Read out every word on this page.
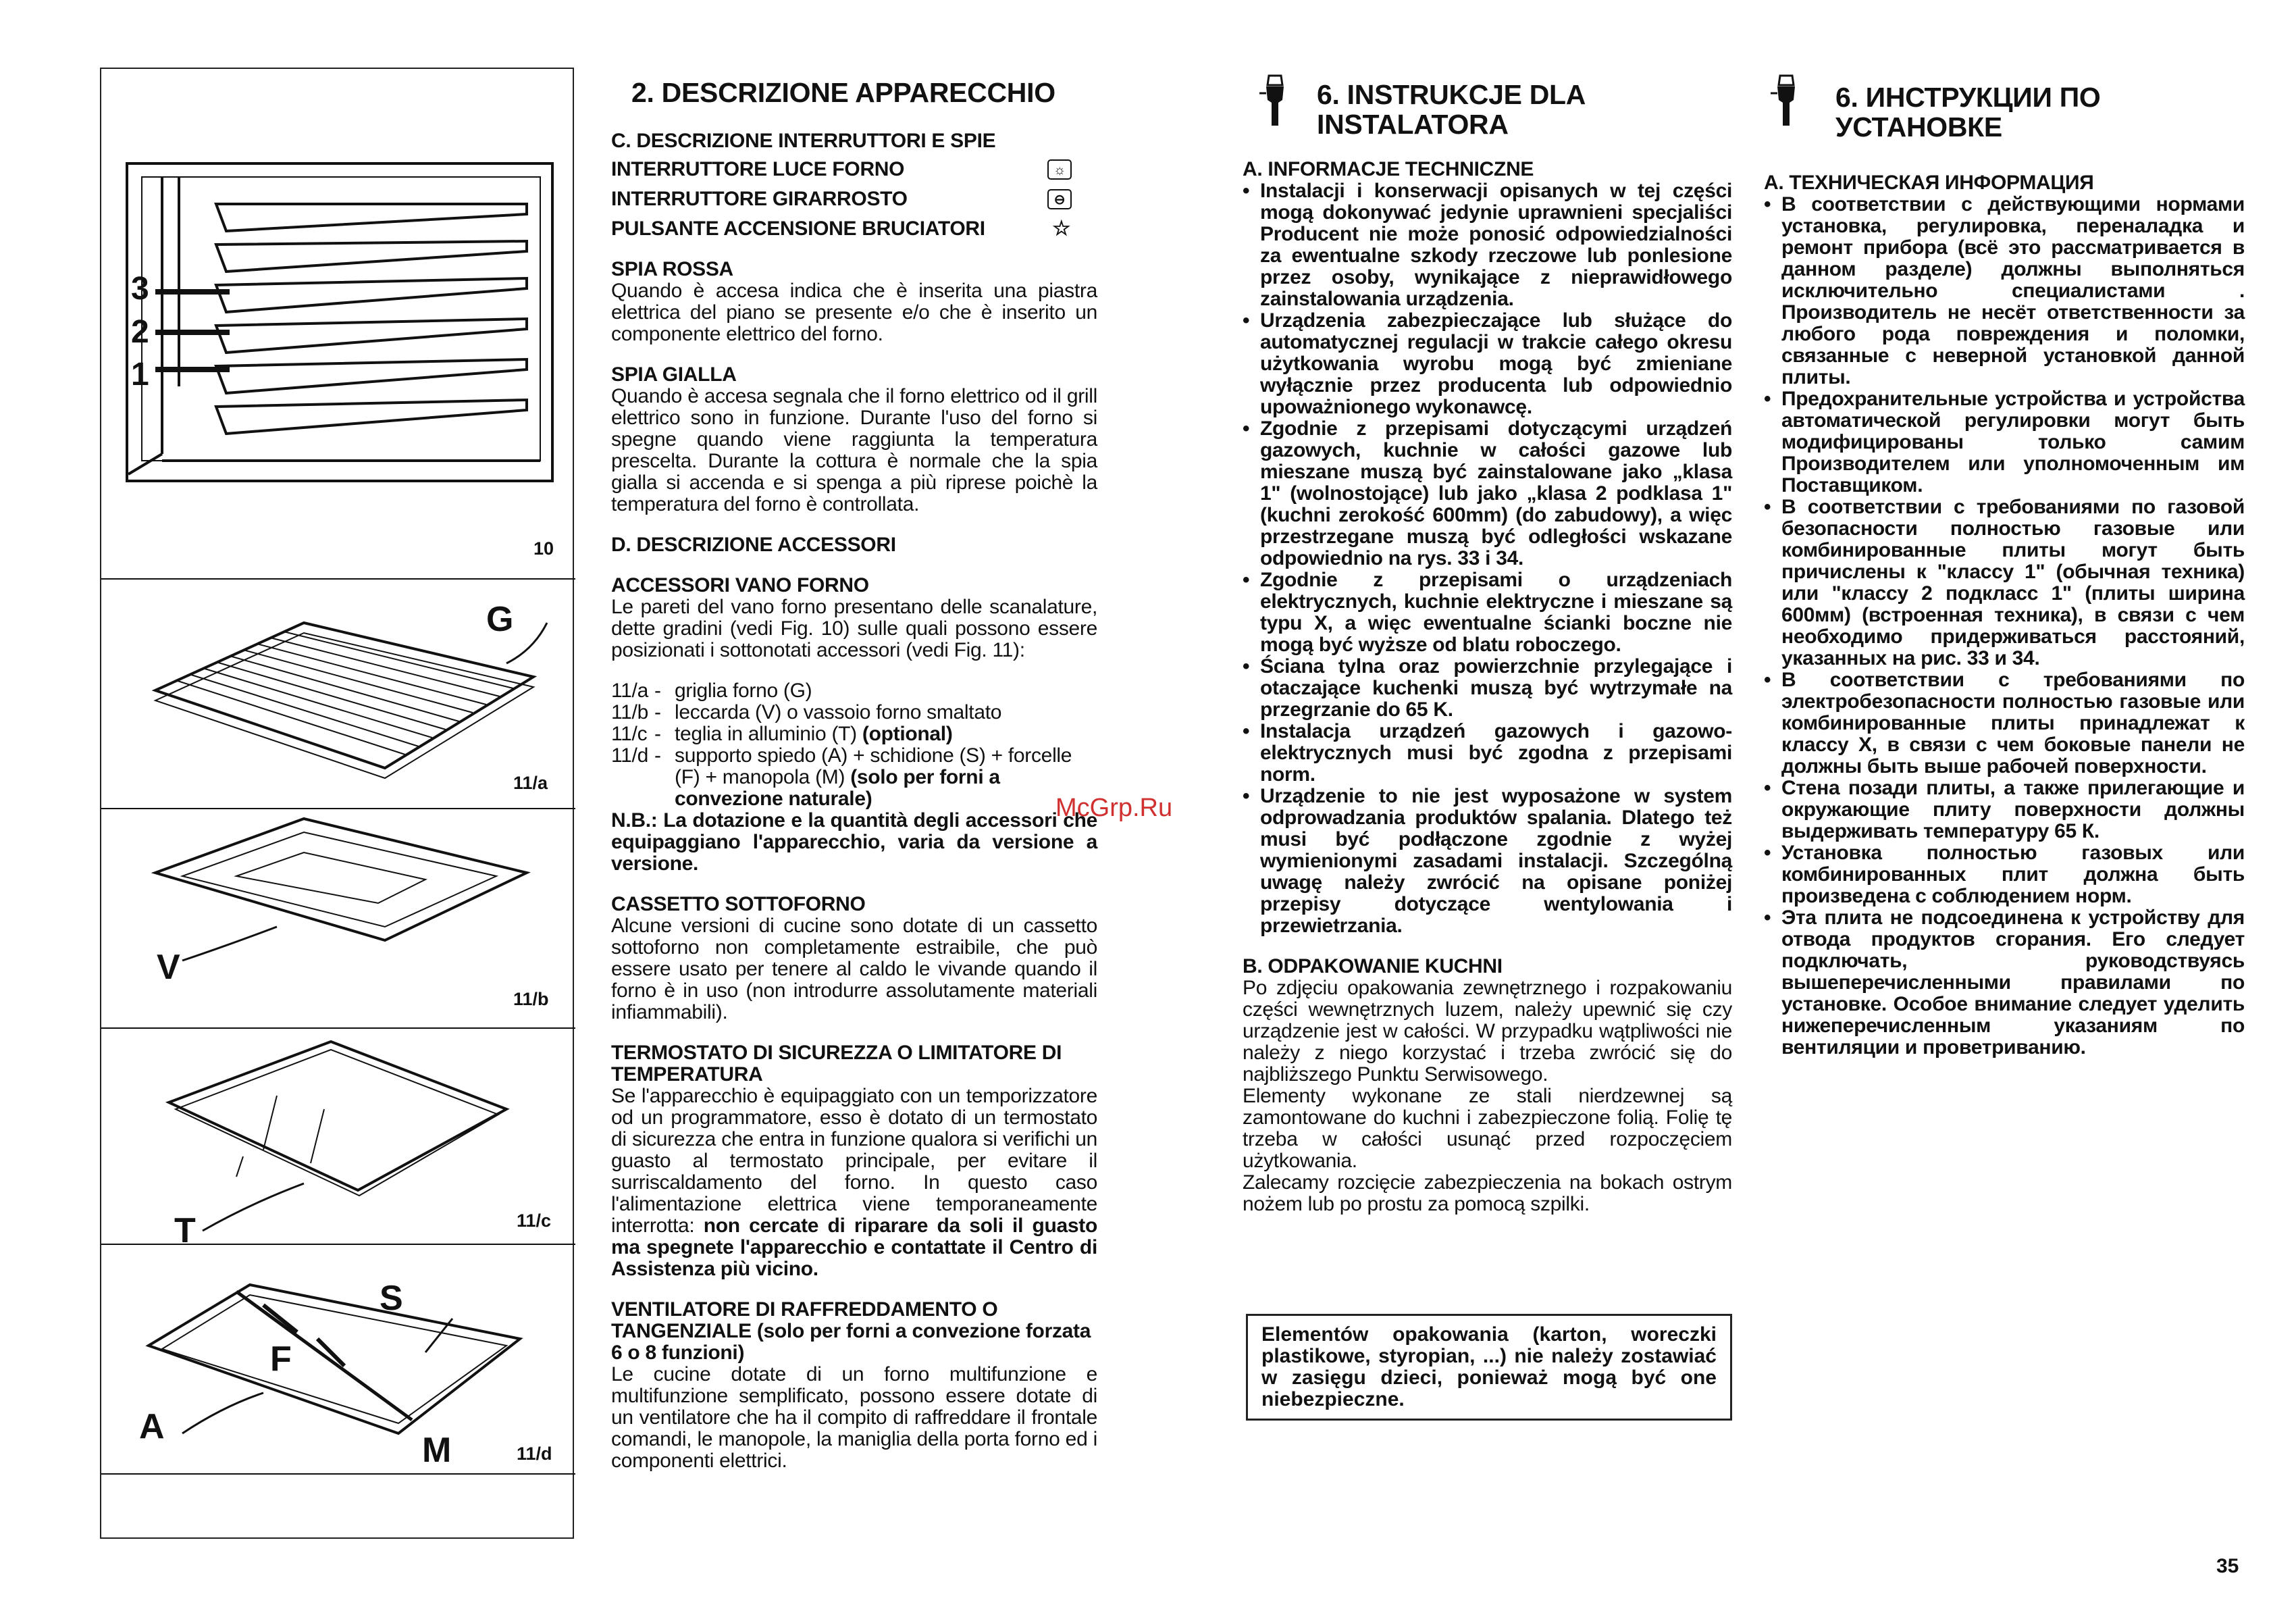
3
2
1
10
G
11/a
V
11/b
T	11/c
S
F
A
M	11/d
2. DESCRIZIONE APPARECCHIO
C. DESCRIZIONE INTERRUTTORI E SPIE
INTERRUTTORE LUCE FORNO	☼
INTERRUTTORE GIRARROSTO	⊖
PULSANTE ACCENSIONE BRUCIATORI	☆
SPIA ROSSA

Quando è accesa indica che è inserita una piastra elettrica del piano se presente e/o che è inserito un componente elettrico del forno.

SPIA GIALLA

Quando è accesa segnala che il forno elettrico od il grill elettrico sono in funzione. Durante l'uso del forno si spegne quando viene raggiunta la temperatura prescelta. Durante la cottura è normale che la spia gialla si accenda e si spenga a più riprese poichè la temperatura del forno è controllata.

D. DESCRIZIONE ACCESSORI
ACCESSORI VANO FORNO

Le pareti del vano forno presentano delle scanalature, dette gradini (vedi Fig. 10) sulle quali possono essere posizionati i sottonotati accessori (vedi Fig. 11):

11/a - griglia forno (G)
11/b - leccarda (V) o vassoio forno smaltato
11/c - teglia in alluminio (T) (optional)
11/d - supporto spiedo (A) + schidione (S) + forcelle (F) + manopola (M) (solo per forni a convezione naturale)

N.B.: La dotazione e la quantità degli accessori che equipaggiano l'apparecchio, varia da versione a versione.

CASSETTO SOTTOFORNO

Alcune versioni di cucine sono dotate di un cassetto sottoforno non completamente estraibile, che può essere usato per tenere al caldo le vivande quando il forno è in uso (non introdurre assolutamente materiali infiammabili).

TERMOSTATO DI SICUREZZA O LIMITATORE DI TEMPERATURA

Se l'apparecchio è equipaggiato con un temporizzatore od un programmatore, esso è dotato di un termostato di sicurezza che entra in funzione qualora si verifichi un guasto al termostato principale, per evitare il surriscaldamento del forno. In questo caso l'alimentazione elettrica viene temporaneamente interrotta: non cercate di riparare da soli il guasto ma spegnete l'apparecchio e contattate il Centro di Assistenza più vicino.

VENTILATORE DI RAFFREDDAMENTO O TANGENZIALE (solo per forni a convezione forzata 6 o 8 funzioni)

Le cucine dotate di un forno multifunzione e multifunzione semplificato, possono essere dotate di un ventilatore che ha il compito di raffreddare il frontale comandi, le manopole, la maniglia della porta forno ed i componenti elettrici.

McGrp.Ru
6. INSTRUKCJE DLA INSTALATORA
A. INFORMACJE TECHNICZNE
• Instalacji i konserwacji opisanych w tej części mogą dokonywać jedynie uprawnieni specjaliści Producent nie może ponosić odpowiedzialności za ewentualne szkody rzeczowe lub ponlesione przez osoby, wynikające z nieprawidłowego zainstalowania urządzenia.
• Urządzenia zabezpieczające lub służące do automatycznej regulacji w trakcie całego okresu użytkowania wyrobu mogą być zmieniane wyłącznie przez producenta lub odpowiednio upoważnionego wykonawcę.
• Zgodnie z przepisami dotyczącymi urządzeń gazowych, kuchnie w całości gazowe lub mieszane muszą być zainstalowane jako „klasa 1" (wolnostojące) lub jako „klasa 2 podklasa 1" (kuchni zerokość 600mm) (do zabudowy), a więc przestrzegane muszą być odległości wskazane odpowiednio na rys. 33 i 34.
• Zgodnie z przepisami o urządzeniach elektrycznych, kuchnie elektryczne i mieszane są typu X, a więc ewentualne ścianki boczne nie mogą być wyższe od blatu roboczego.
• Ściana tylna oraz powierzchnie przylegające i otaczające kuchenki muszą być wytrzymałe na przegrzanie do 65 K.
• Instalacja urządzeń gazowych i gazowo-elektrycznych musi być zgodna z przepisami norm.
• Urządzenie to nie jest wyposażone w system odprowadzania produktów spalania. Dlatego też musi być podłączone zgodnie z wyżej wymienionymi zasadami instalacji. Szczególną uwagę należy zwrócić na opisane poniżej przepisy dotyczące wentylowania i przewietrzania.
B. ODPAKOWANIE KUCHNI

Po zdjęciu opakowania zewnętrznego i rozpakowaniu części wewnętrznych luzem, należy upewnić się czy urządzenie jest w całości. W przypadku wątpliwości nie należy z niego korzystać i trzeba zwrócić się do najbliższego Punktu Serwisowego.

Elementy wykonane ze stali nierdzewnej są zamontowane do kuchni i zabezpieczone folią. Folię tę trzeba w całości usunąć przed rozpoczęciem użytkowania.

Zalecamy rozcięcie zabezpieczenia na bokach ostrym nożem lub po prostu za pomocą szpilki.

Elementów opakowania (karton, woreczki plastikowe, styropian, ...) nie należy zostawiać w zasięgu dzieci, ponieważ mogą być one niebezpieczne.
6. ИНСТРУКЦИИ ПО УСТАНОВКЕ
А. ТЕХНИЧЕСКАЯ ИНФОРМАЦИЯ
• В соответствии с действующими нормами установка, регулировка, переналадка и ремонт прибора (всё это рассматривается в данном разделе) должны выполняться исключительно специалистами . Производитель не несёт ответственности за любого рода повреждения и поломки, связанные с неверной установкой данной плиты.
• Предохранительные устройства и устройства автоматической регулировки могут быть модифицированы только самим Производителем или уполномоченным им Поставщиком.
• В соответствии с требованиями по газовой безопасности полностью газовые или комбинированные плиты могут быть причислены к "классу 1" (обычная техника) или "классу 2 подкласс 1" (плиты ширина 600мм) (встроенная техника), в связи с чем необходимо придерживаться расстояний, указанных на рис. 33 и 34.
• В соответствии с требованиями по электробезопасности полностью газовые или комбинированные плиты принадлежат к классу X, в связи с чем боковые панели не должны быть выше рабочей поверхности.
• Стена позади плиты, а также прилегающие и окружающие плиту поверхности должны выдерживать температуру 65 К.
• Установка полностью газовых или комбинированных плит должна быть произведена с соблюдением норм.
• Эта плита не подсоединена к устройству для отвода продуктов сгорания. Его следует подключать, руководствуясь вышеперечисленными правилами по установке. Особое внимание следует уделить нижеперечисленным указаниям по вентиляции и проветриванию.
35
